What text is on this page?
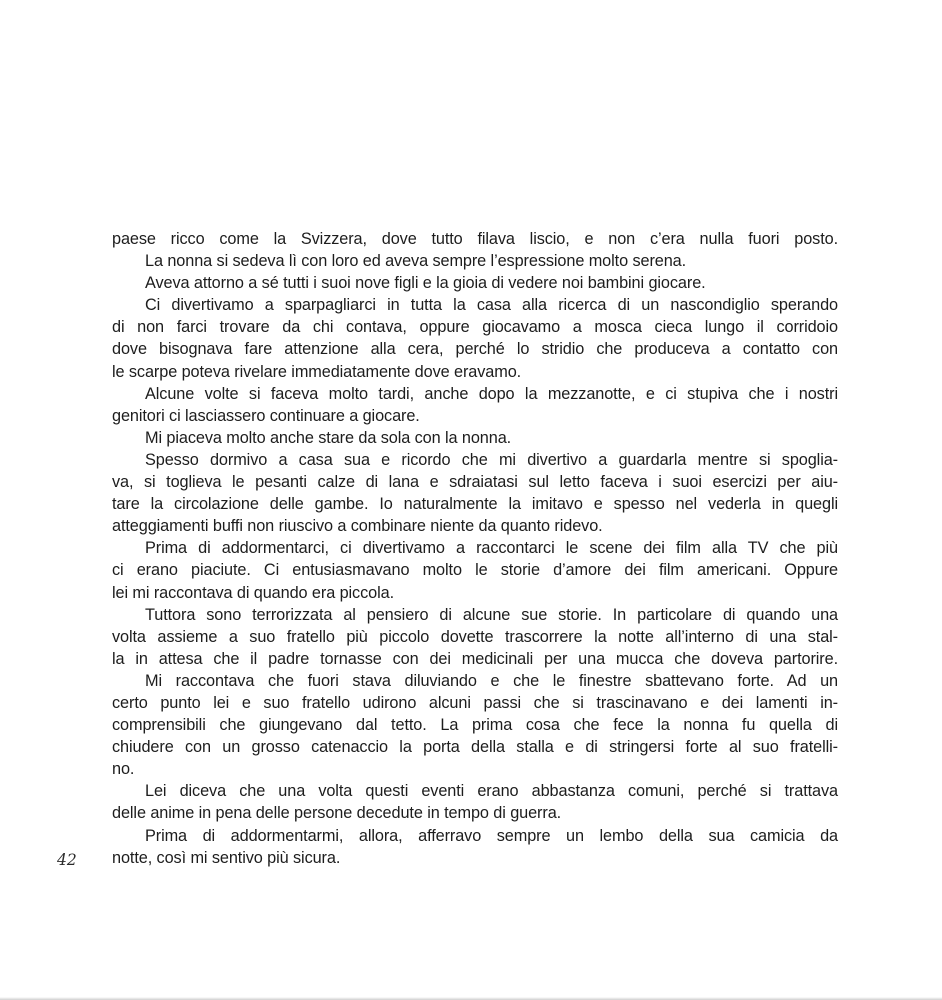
paese ricco come la Svizzera, dove tutto filava liscio, e non c’era nulla fuori posto.
La nonna si sedeva lì con loro ed aveva sempre l’espressione molto serena.
Aveva attorno a sé tutti i suoi nove figli e la gioia di vedere noi bambini giocare.
Ci divertivamo a sparpagliarci in tutta la casa alla ricerca di un nascondiglio sperando
di non farci trovare da chi contava, oppure giocavamo a mosca cieca lungo il corridoio
dove bisognava fare attenzione alla cera, perché lo stridio che produceva a contatto con
le scarpe poteva rivelare immediatamente dove eravamo.
Alcune volte si faceva molto tardi, anche dopo la mezzanotte, e ci stupiva che i nostri
genitori ci lasciassero continuare a giocare.
Mi piaceva molto anche stare da sola con la nonna.
Spesso dormivo a casa sua e ricordo che mi divertivo a guardarla mentre si spoglia-
va, si toglieva le pesanti calze di lana e sdraiatasi sul letto faceva i suoi esercizi per aiu-
tare la circolazione delle gambe. Io naturalmente la imitavo e spesso nel vederla in quegli
atteggiamenti buffi non riuscivo a combinare niente da quanto ridevo.
Prima di addormentarci, ci divertivamo a raccontarci le scene dei film alla TV che più
ci erano piaciute. Ci entusiasmavano molto le storie d’amore dei film americani. Oppure
lei mi raccontava di quando era piccola.
Tuttora sono terrorizzata al pensiero di alcune sue storie. In particolare di quando una
volta assieme a suo fratello più piccolo dovette trascorrere la notte all’interno di una stal-
la in attesa che il padre tornasse con dei medicinali per una mucca che doveva partorire.
Mi raccontava che fuori stava diluviando e che le finestre sbattevano forte. Ad un
certo punto lei e suo fratello udirono alcuni passi che si trascinavano e dei lamenti in-
comprensibili che giungevano dal tetto. La prima cosa che fece la nonna fu quella di
chiudere con un grosso catenaccio la porta della stalla e di stringersi forte al suo fratelli-
no.
Lei diceva che una volta questi eventi erano abbastanza comuni, perché si trattava
delle anime in pena delle persone decedute in tempo di guerra.
Prima di addormentarmi, allora, afferravo sempre un lembo della sua camicia da
notte, così mi sentivo più sicura.
42
